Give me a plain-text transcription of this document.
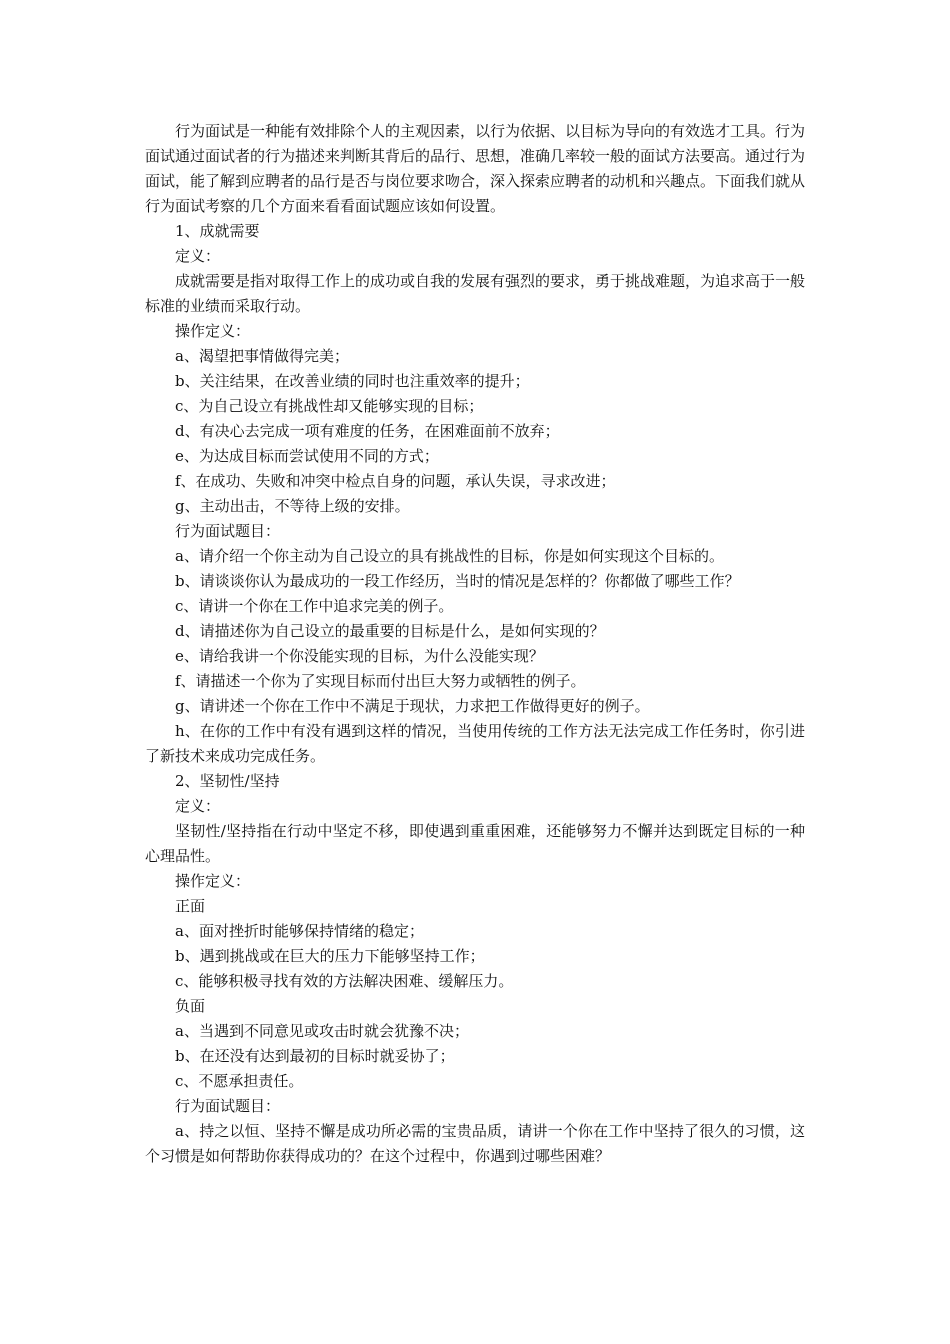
行为面试是一种能有效排除个人的主观因素，以行为依据、以目标为导向的有效选才工具。行为面试通过面试者的行为描述来判断其背后的品行、思想，准确几率较一般的面试方法要高。通过行为面试，能了解到应聘者的品行是否与岗位要求吻合，深入探索应聘者的动机和兴趣点。下面我们就从行为面试考察的几个方面来看看面试题应该如何设置。

1、成就需要

定义：

成就需要是指对取得工作上的成功或自我的发展有强烈的要求，勇于挑战难题，为追求高于一般标准的业绩而采取行动。

操作定义：

a、渴望把事情做得完美；

b、关注结果，在改善业绩的同时也注重效率的提升；

c、为自己设立有挑战性却又能够实现的目标；

d、有决心去完成一项有难度的任务，在困难面前不放弃；

e、为达成目标而尝试使用不同的方式；

f、在成功、失败和冲突中检点自身的问题，承认失误，寻求改进；

g、主动出击，不等待上级的安排。

行为面试题目：

a、请介绍一个你主动为自己设立的具有挑战性的目标，你是如何实现这个目标的。

b、请谈谈你认为最成功的一段工作经历，当时的情况是怎样的？你都做了哪些工作？

c、请讲一个你在工作中追求完美的例子。

d、请描述你为自己设立的最重要的目标是什么，是如何实现的？

e、请给我讲一个你没能实现的目标，为什么没能实现？

f、请描述一个你为了实现目标而付出巨大努力或牺牲的例子。

g、请讲述一个你在工作中不满足于现状，力求把工作做得更好的例子。

h、在你的工作中有没有遇到这样的情况，当使用传统的工作方法无法完成工作任务时，你引进了新技术来成功完成任务。

2、坚韧性/坚持

定义：

坚韧性/坚持指在行动中坚定不移，即使遇到重重困难，还能够努力不懈并达到既定目标的一种心理品性。

操作定义：

正面

a、面对挫折时能够保持情绪的稳定；

b、遇到挑战或在巨大的压力下能够坚持工作；

c、能够积极寻找有效的方法解决困难、缓解压力。

负面

a、当遇到不同意见或攻击时就会犹豫不决；

b、在还没有达到最初的目标时就妥协了；

c、不愿承担责任。

行为面试题目：

a、持之以恒、坚持不懈是成功所必需的宝贵品质，请讲一个你在工作中坚持了很久的习惯，这个习惯是如何帮助你获得成功的？在这个过程中，你遇到过哪些困难？
